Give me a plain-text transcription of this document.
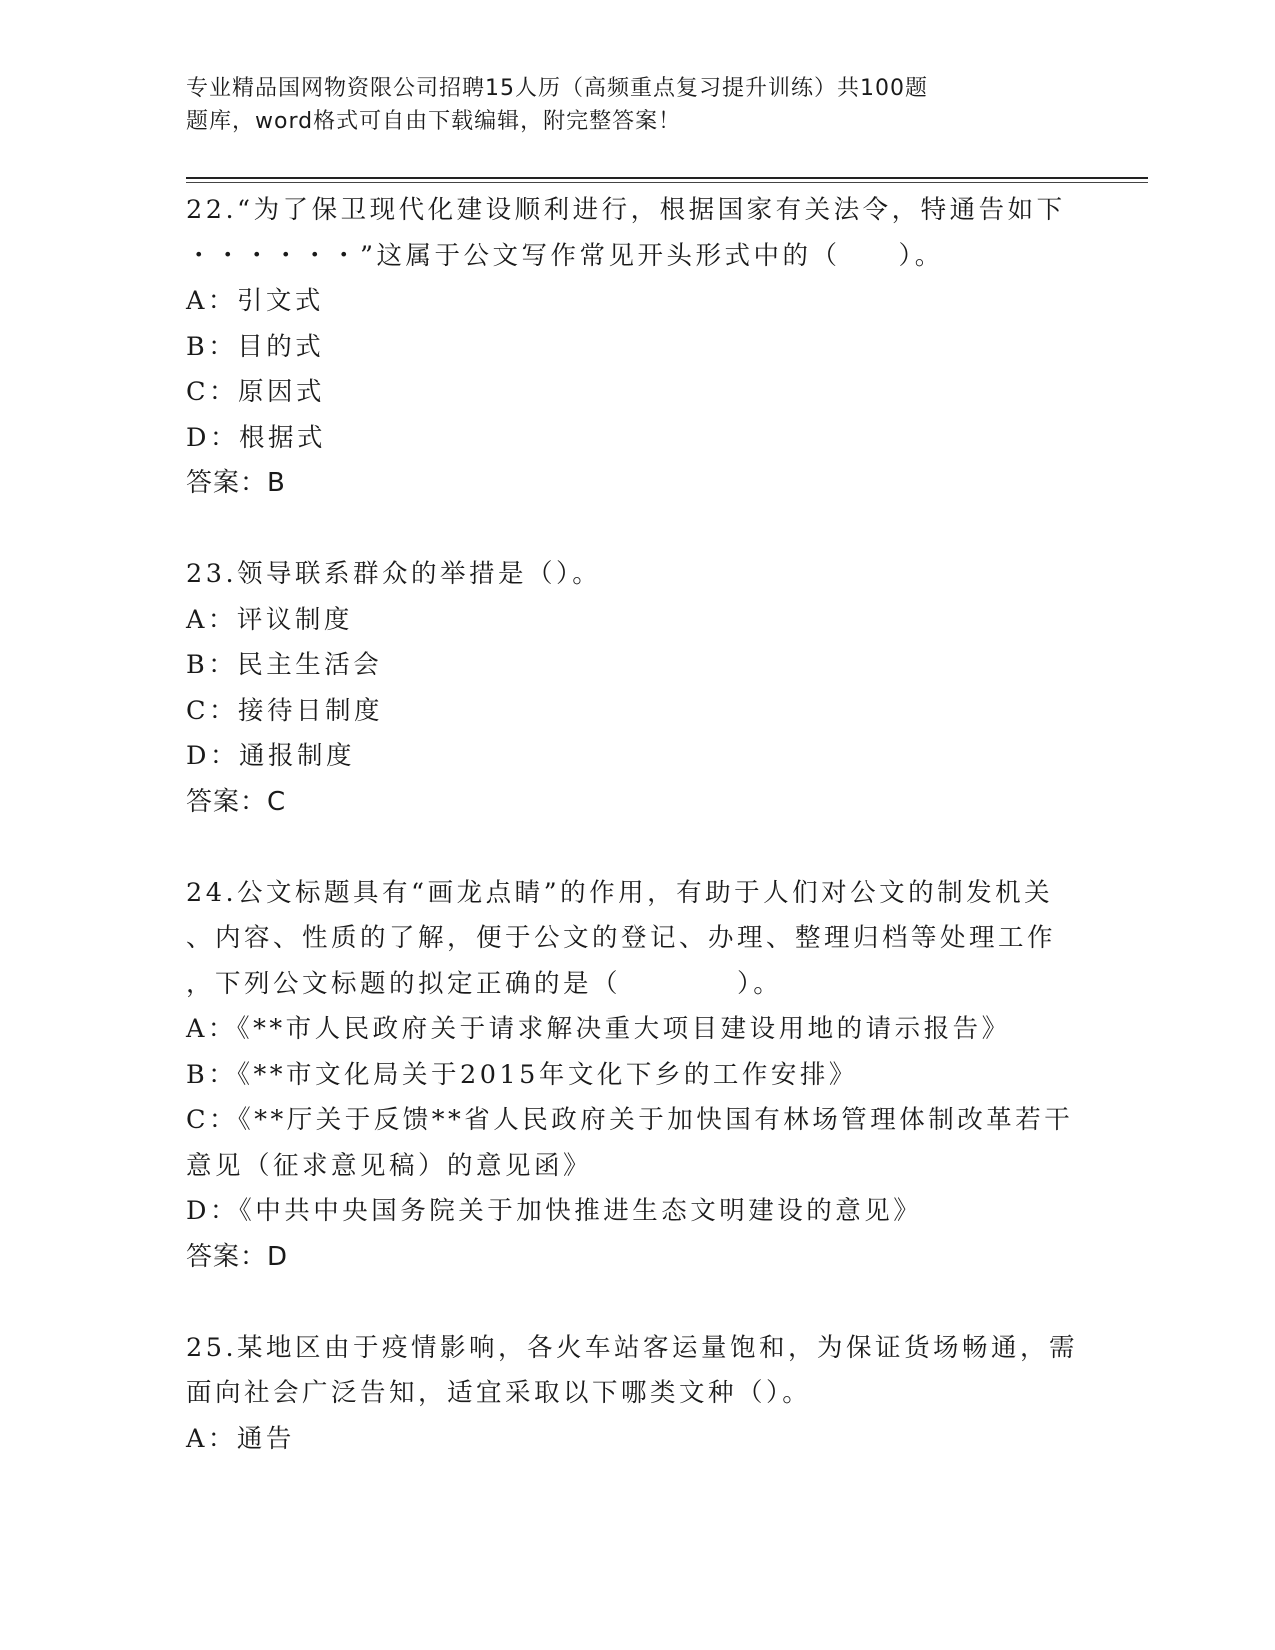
专业精品国网物资限公司招聘15人历（高频重点复习提升训练）共100题
题库，word格式可自由下载编辑，附完整答案！
22.“为了保卫现代化建设顺利进行，根据国家有关法令，特通告如下
・・・・・・”这属于公文写作常见开头形式中的（　　）。
A：引文式
B：目的式
C：原因式
D：根据式
答案：B
23.领导联系群众的举措是（）。
A：评议制度
B：民主生活会
C：接待日制度
D：通报制度
答案：C
24.公文标题具有“画龙点睛”的作用，有助于人们对公文的制发机关
、内容、性质的了解，便于公文的登记、办理、整理归档等处理工作
，下列公文标题的拟定正确的是（　　　　）。
A：《**市人民政府关于请求解决重大项目建设用地的请示报告》
B：《**市文化局关于2015年文化下乡的工作安排》
C：《**厅关于反馈**省人民政府关于加快国有林场管理体制改革若干
意见（征求意见稿）的意见函》
D：《中共中央国务院关于加快推进生态文明建设的意见》
答案：D
25.某地区由于疫情影响，各火车站客运量饱和，为保证货场畅通，需
面向社会广泛告知，适宜采取以下哪类文种（）。
A：通告
